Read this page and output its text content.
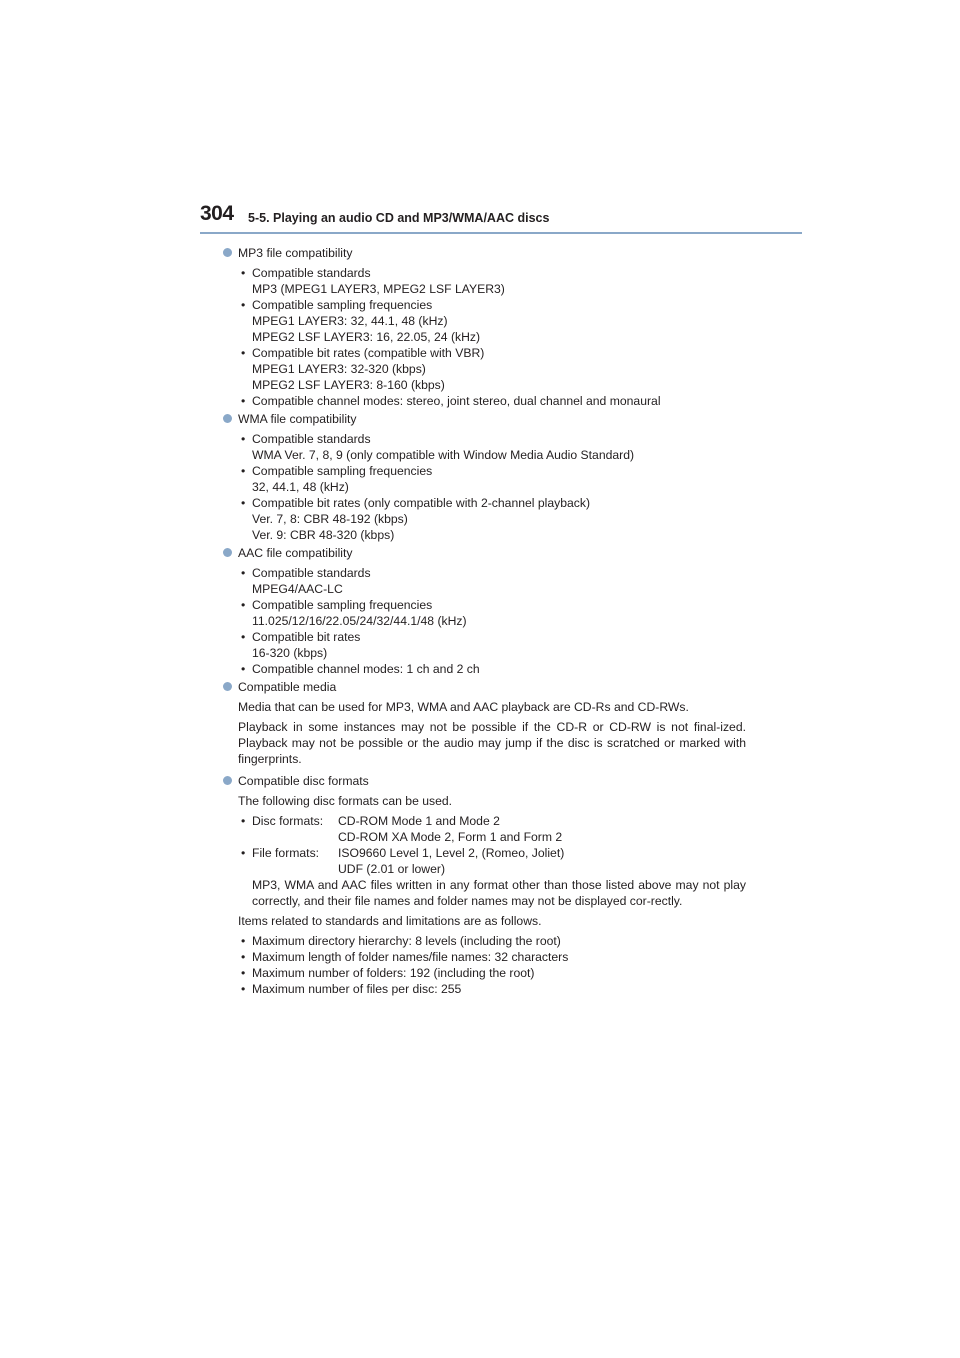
304 5-5. Playing an audio CD and MP3/WMA/AAC discs
MP3 file compatibility
• Compatible standards
MP3 (MPEG1 LAYER3, MPEG2 LSF LAYER3)
• Compatible sampling frequencies
MPEG1 LAYER3: 32, 44.1, 48 (kHz)
MPEG2 LSF LAYER3: 16, 22.05, 24 (kHz)
• Compatible bit rates (compatible with VBR)
MPEG1 LAYER3: 32-320 (kbps)
MPEG2 LSF LAYER3: 8-160 (kbps)
• Compatible channel modes: stereo, joint stereo, dual channel and monaural
WMA file compatibility
• Compatible standards
WMA Ver. 7, 8, 9 (only compatible with Window Media Audio Standard)
• Compatible sampling frequencies
32, 44.1, 48 (kHz)
• Compatible bit rates (only compatible with 2-channel playback)
Ver. 7, 8: CBR 48-192 (kbps)
Ver. 9: CBR 48-320 (kbps)
AAC file compatibility
• Compatible standards
MPEG4/AAC-LC
• Compatible sampling frequencies
11.025/12/16/22.05/24/32/44.1/48 (kHz)
• Compatible bit rates
16-320 (kbps)
• Compatible channel modes: 1 ch and 2 ch
Compatible media
Media that can be used for MP3, WMA and AAC playback are CD-Rs and CD-RWs.
Playback in some instances may not be possible if the CD-R or CD-RW is not final-ized. Playback may not be possible or the audio may jump if the disc is scratched or marked with fingerprints.
Compatible disc formats
The following disc formats can be used.
• Disc formats: CD-ROM Mode 1 and Mode 2
CD-ROM XA Mode 2, Form 1 and Form 2
• File formats: ISO9660 Level 1, Level 2, (Romeo, Joliet)
UDF (2.01 or lower)
MP3, WMA and AAC files written in any format other than those listed above may not play correctly, and their file names and folder names may not be displayed cor-rectly.
Items related to standards and limitations are as follows.
• Maximum directory hierarchy: 8 levels (including the root)
• Maximum length of folder names/file names: 32 characters
• Maximum number of folders: 192 (including the root)
• Maximum number of files per disc: 255
